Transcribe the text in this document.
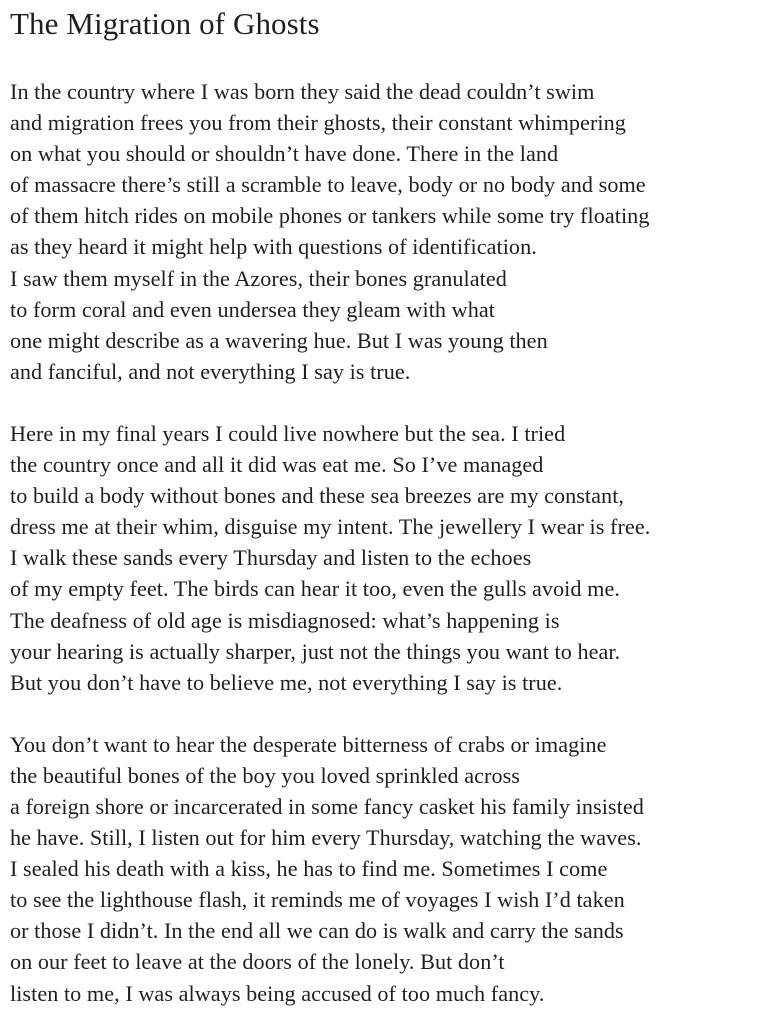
The Migration of Ghosts
In the country where I was born they said the dead couldn’t swim
and migration frees you from their ghosts, their constant whimpering
on what you should or shouldn’t have done. There in the land
of massacre there’s still a scramble to leave, body or no body and some
of them hitch rides on mobile phones or tankers while some try floating
as they heard it might help with questions of identification.
I saw them myself in the Azores, their bones granulated
to form coral and even undersea they gleam with what
one might describe as a wavering hue. But I was young then
and fanciful, and not everything I say is true.
Here in my final years I could live nowhere but the sea. I tried
the country once and all it did was eat me. So I’ve managed
to build a body without bones and these sea breezes are my constant,
dress me at their whim, disguise my intent. The jewellery I wear is free.
I walk these sands every Thursday and listen to the echoes
of my empty feet. The birds can hear it too, even the gulls avoid me.
The deafness of old age is misdiagnosed: what’s happening is
your hearing is actually sharper, just not the things you want to hear.
But you don’t have to believe me, not everything I say is true.
You don’t want to hear the desperate bitterness of crabs or imagine
the beautiful bones of the boy you loved sprinkled across
a foreign shore or incarcerated in some fancy casket his family insisted
he have. Still, I listen out for him every Thursday, watching the waves.
I sealed his death with a kiss, he has to find me. Sometimes I come
to see the lighthouse flash, it reminds me of voyages I wish I’d taken
or those I didn’t. In the end all we can do is walk and carry the sands
on our feet to leave at the doors of the lonely. But don’t
listen to me, I was always being accused of too much fancy.
